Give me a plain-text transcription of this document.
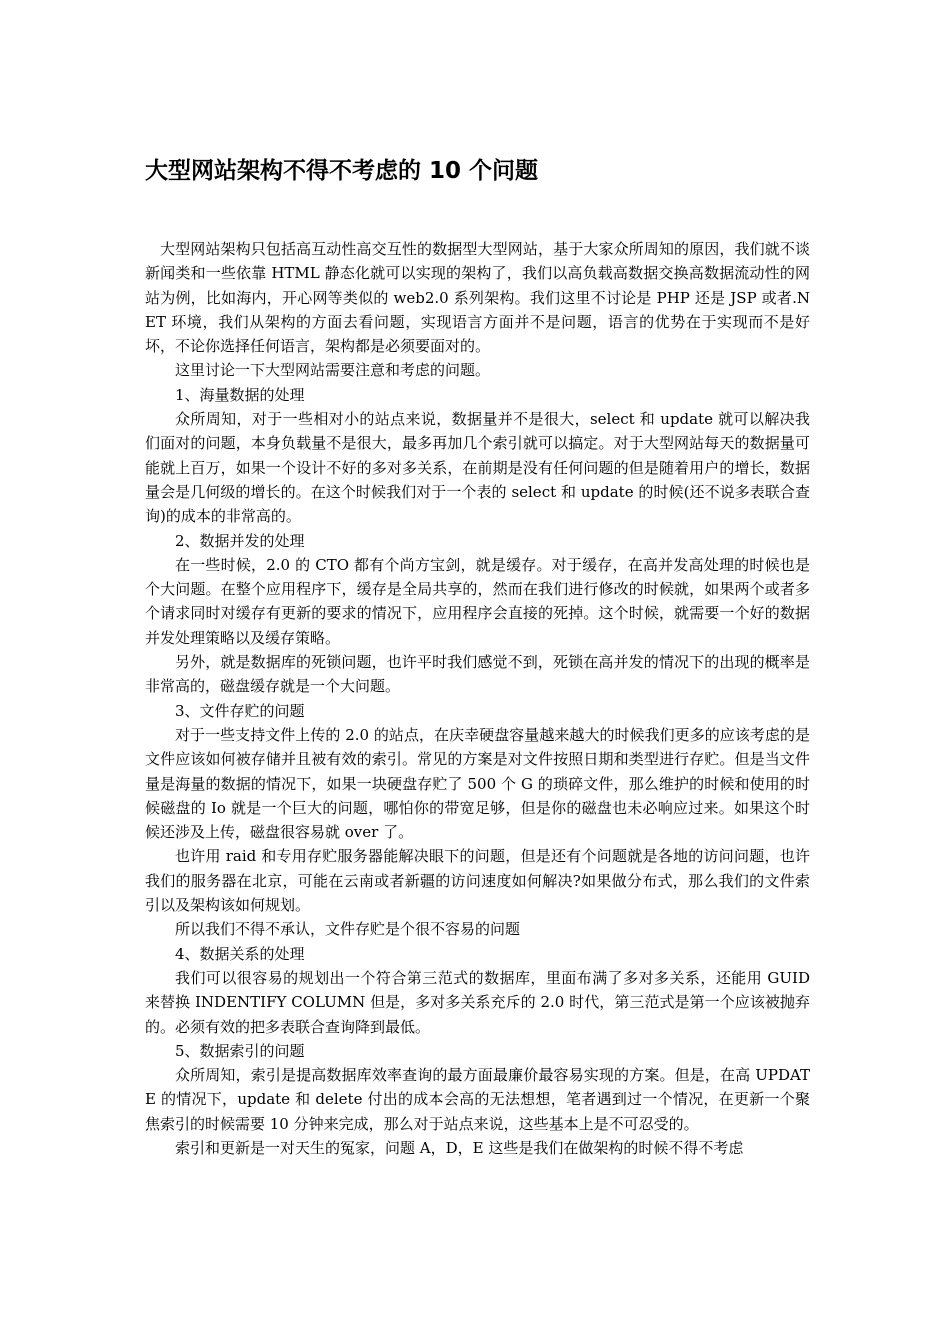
大型网站架构不得不考虑的 10 个问题

大型网站架构只包括高互动性高交互性的数据型大型网站，基于大家众所周知的原因，我们就不谈新闻类和一些依靠 HTML 静态化就可以实现的架构了，我们以高负载高数据交换高数据流动性的网站为例，比如海内，开心网等类似的 web2.0 系列架构。我们这里不讨论是 PHP 还是 JSP 或者.NET 环境，我们从架构的方面去看问题，实现语言方面并不是问题，语言的优势在于实现而不是好坏，不论你选择任何语言，架构都是必须要面对的。

这里讨论一下大型网站需要注意和考虑的问题。

1、海量数据的处理

众所周知，对于一些相对小的站点来说，数据量并不是很大，select 和 update 就可以解决我们面对的问题，本身负载量不是很大，最多再加几个索引就可以搞定。对于大型网站每天的数据量可能就上百万，如果一个设计不好的多对多关系，在前期是没有任何问题的但是随着用户的增长，数据量会是几何级的增长的。在这个时候我们对于一个表的 select 和 update 的时候(还不说多表联合查询)的成本的非常高的。

2、数据并发的处理

在一些时候，2.0 的 CTO 都有个尚方宝剑，就是缓存。对于缓存，在高并发高处理的时候也是个大问题。在整个应用程序下，缓存是全局共享的，然而在我们进行修改的时候就，如果两个或者多个请求同时对缓存有更新的要求的情况下，应用程序会直接的死掉。这个时候，就需要一个好的数据并发处理策略以及缓存策略。

另外，就是数据库的死锁问题，也许平时我们感觉不到，死锁在高并发的情况下的出现的概率是非常高的，磁盘缓存就是一个大问题。

3、文件存贮的问题

对于一些支持文件上传的 2.0 的站点，在庆幸硬盘容量越来越大的时候我们更多的应该考虑的是文件应该如何被存储并且被有效的索引。常见的方案是对文件按照日期和类型进行存贮。但是当文件量是海量的数据的情况下，如果一块硬盘存贮了 500 个 G 的琐碎文件，那么维护的时候和使用的时候磁盘的 Io 就是一个巨大的问题，哪怕你的带宽足够，但是你的磁盘也未必响应过来。如果这个时候还涉及上传，磁盘很容易就 over 了。

也许用 raid 和专用存贮服务器能解决眼下的问题，但是还有个问题就是各地的访问问题，也许我们的服务器在北京，可能在云南或者新疆的访问速度如何解决?如果做分布式，那么我们的文件索引以及架构该如何规划。

所以我们不得不承认，文件存贮是个很不容易的问题

4、数据关系的处理

我们可以很容易的规划出一个符合第三范式的数据库，里面布满了多对多关系，还能用 GUID 来替换 INDENTIFY COLUMN 但是，多对多关系充斥的 2.0 时代，第三范式是第一个应该被抛弃的。必须有效的把多表联合查询降到最低。

5、数据索引的问题

众所周知，索引是提高数据库效率查询的最方面最廉价最容易实现的方案。但是，在高 UPDATE 的情况下，update 和 delete 付出的成本会高的无法想想，笔者遇到过一个情况，在更新一个聚焦索引的时候需要 10 分钟来完成，那么对于站点来说，这些基本上是不可忍受的。

索引和更新是一对天生的冤家，问题 A，D，E 这些是我们在做架构的时候不得不考虑
